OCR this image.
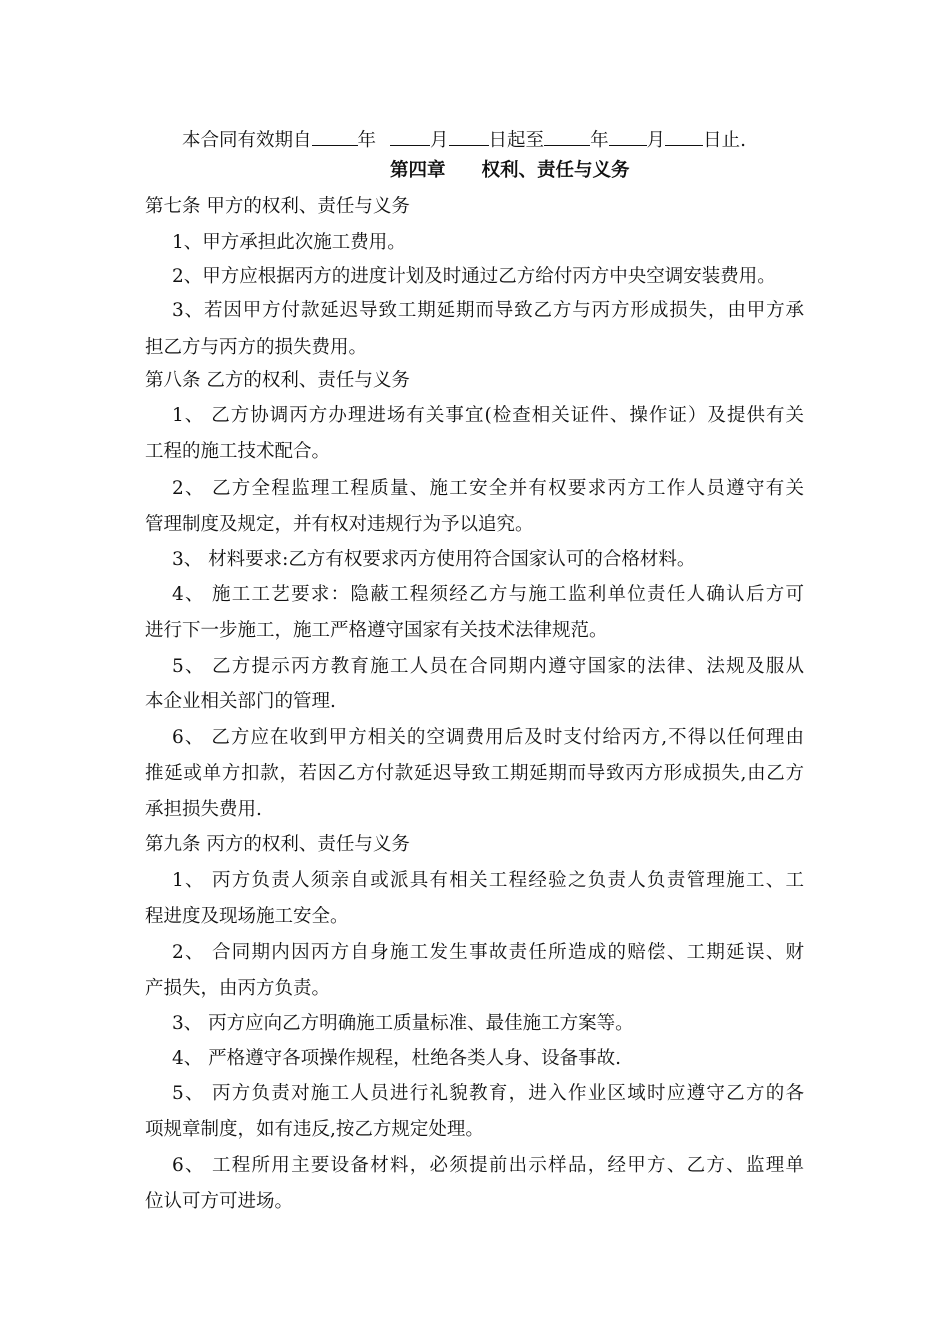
本合同有效期自 年	月 日起至 年 月 日止.
第四章 权利、责任与义务
第七条 甲方的权利、责任与义务
1、甲方承担此次施工费用。
2、甲方应根据丙方的进度计划及时通过乙方给付丙方中央空调安装费用。
3、若因甲方付款延迟导致工期延期而导致乙方与丙方形成损失，由甲方承
担乙方与丙方的损失费用。
第八条 乙方的权利、责任与义务
1、 乙方协调丙方办理进场有关事宜(检查相关证件、操作证）及提供有关
工程的施工技术配合。
2、 乙方全程监理工程质量、施工安全并有权要求丙方工作人员遵守有关
管理制度及规定，并有权对违规行为予以追究。
3、 材料要求:乙方有权要求丙方使用符合国家认可的合格材料。
4、 施工工艺要求：隐蔽工程须经乙方与施工监利单位责任人确认后方可
进行下一步施工，施工严格遵守国家有关技术法律规范。
5、 乙方提示丙方教育施工人员在合同期内遵守国家的法律、法规及服从
本企业相关部门的管理.
6、 乙方应在收到甲方相关的空调费用后及时支付给丙方,不得以任何理由
推延或单方扣款，若因乙方付款延迟导致工期延期而导致丙方形成损失,由乙方
承担损失费用.
第九条 丙方的权利、责任与义务
1、 丙方负责人须亲自或派具有相关工程经验之负责人负责管理施工、工
程进度及现场施工安全。
2、 合同期内因丙方自身施工发生事故责任所造成的赔偿、工期延误、财
产损失，由丙方负责。
3、 丙方应向乙方明确施工质量标准、最佳施工方案等。
4、 严格遵守各项操作规程，杜绝各类人身、设备事故.
5、 丙方负责对施工人员进行礼貌教育，进入作业区域时应遵守乙方的各
项规章制度，如有违反,按乙方规定处理。
6、 工程所用主要设备材料，必须提前出示样品，经甲方、乙方、监理单
位认可方可进场。
